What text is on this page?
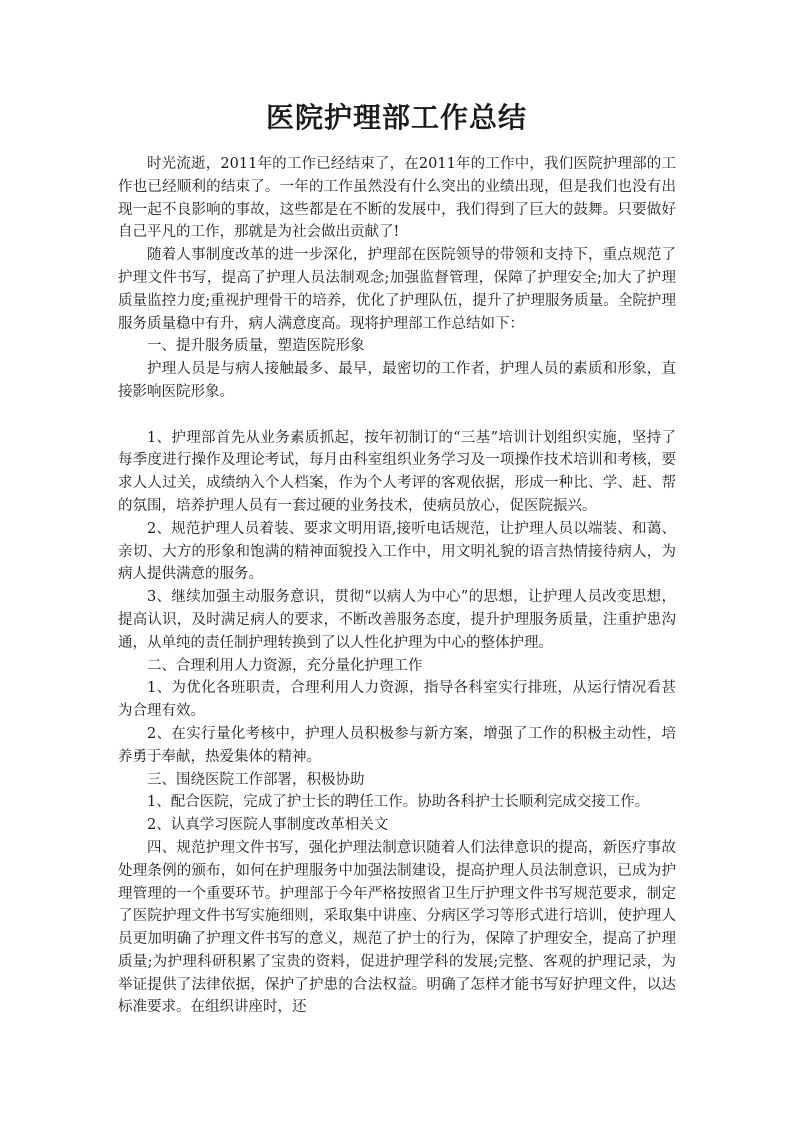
医院护理部工作总结

时光流逝，2011年的工作已经结束了，在2011年的工作中，我们医院护理部的工作也已经顺利的结束了。一年的工作虽然没有什么突出的业绩出现，但是我们也没有出现一起不良影响的事故，这些都是在不断的发展中，我们得到了巨大的鼓舞。只要做好自己平凡的工作，那就是为社会做出贡献了!

随着人事制度改革的进一步深化，护理部在医院领导的带领和支持下，重点规范了护理文件书写，提高了护理人员法制观念;加强监督管理，保障了护理安全;加大了护理质量监控力度;重视护理骨干的培养，优化了护理队伍，提升了护理服务质量。全院护理服务质量稳中有升，病人满意度高。现将护理部工作总结如下：

一、提升服务质量，塑造医院形象

护理人员是与病人接触最多、最早，最密切的工作者，护理人员的素质和形象，直接影响医院形象。

1、护理部首先从业务素质抓起，按年初制订的“三基”培训计划组织实施，坚持了每季度进行操作及理论考试，每月由科室组织业务学习及一项操作技术培训和考核，要求人人过关，成绩纳入个人档案，作为个人考评的客观依据，形成一种比、学、赶、帮的氛围，培养护理人员有一套过硬的业务技术，使病员放心，促医院振兴。

2、规范护理人员着装、要求文明用语,接听电话规范，让护理人员以端装、和蔼、亲切、大方的形象和饱满的精神面貌投入工作中，用文明礼貌的语言热情接待病人，为病人提供满意的服务。

3、继续加强主动服务意识，贯彻“以病人为中心”的思想，让护理人员改变思想，提高认识，及时满足病人的要求，不断改善服务态度，提升护理服务质量，注重护患沟通，从单纯的责任制护理转换到了以人性化护理为中心的整体护理。

二、合理利用人力资源，充分量化护理工作

1、为优化各班职责，合理利用人力资源，指导各科室实行排班，从运行情况看甚为合理有效。

2、在实行量化考核中，护理人员积极参与新方案，增强了工作的积极主动性，培养勇于奉献，热爱集体的精神。

三、围绕医院工作部署，积极协助

1、配合医院，完成了护士长的聘任工作。协助各科护士长顺利完成交接工作。

2、认真学习医院人事制度改革相关文

四、规范护理文件书写，强化护理法制意识随着人们法律意识的提高，新医疗事故处理条例的颁布，如何在护理服务中加强法制建设，提高护理人员法制意识，已成为护理管理的一个重要环节。护理部于今年严格按照省卫生厅护理文件书写规范要求，制定了医院护理文件书写实施细则，采取集中讲座、分病区学习等形式进行培训，使护理人员更加明确了护理文件书写的意义，规范了护士的行为，保障了护理安全，提高了护理质量;为护理科研积累了宝贵的资料，促进护理学科的发展;完整、客观的护理记录，为举证提供了法律依据，保护了护患的合法权益。明确了怎样才能书写好护理文件，以达标准要求。在组织讲座时，还
